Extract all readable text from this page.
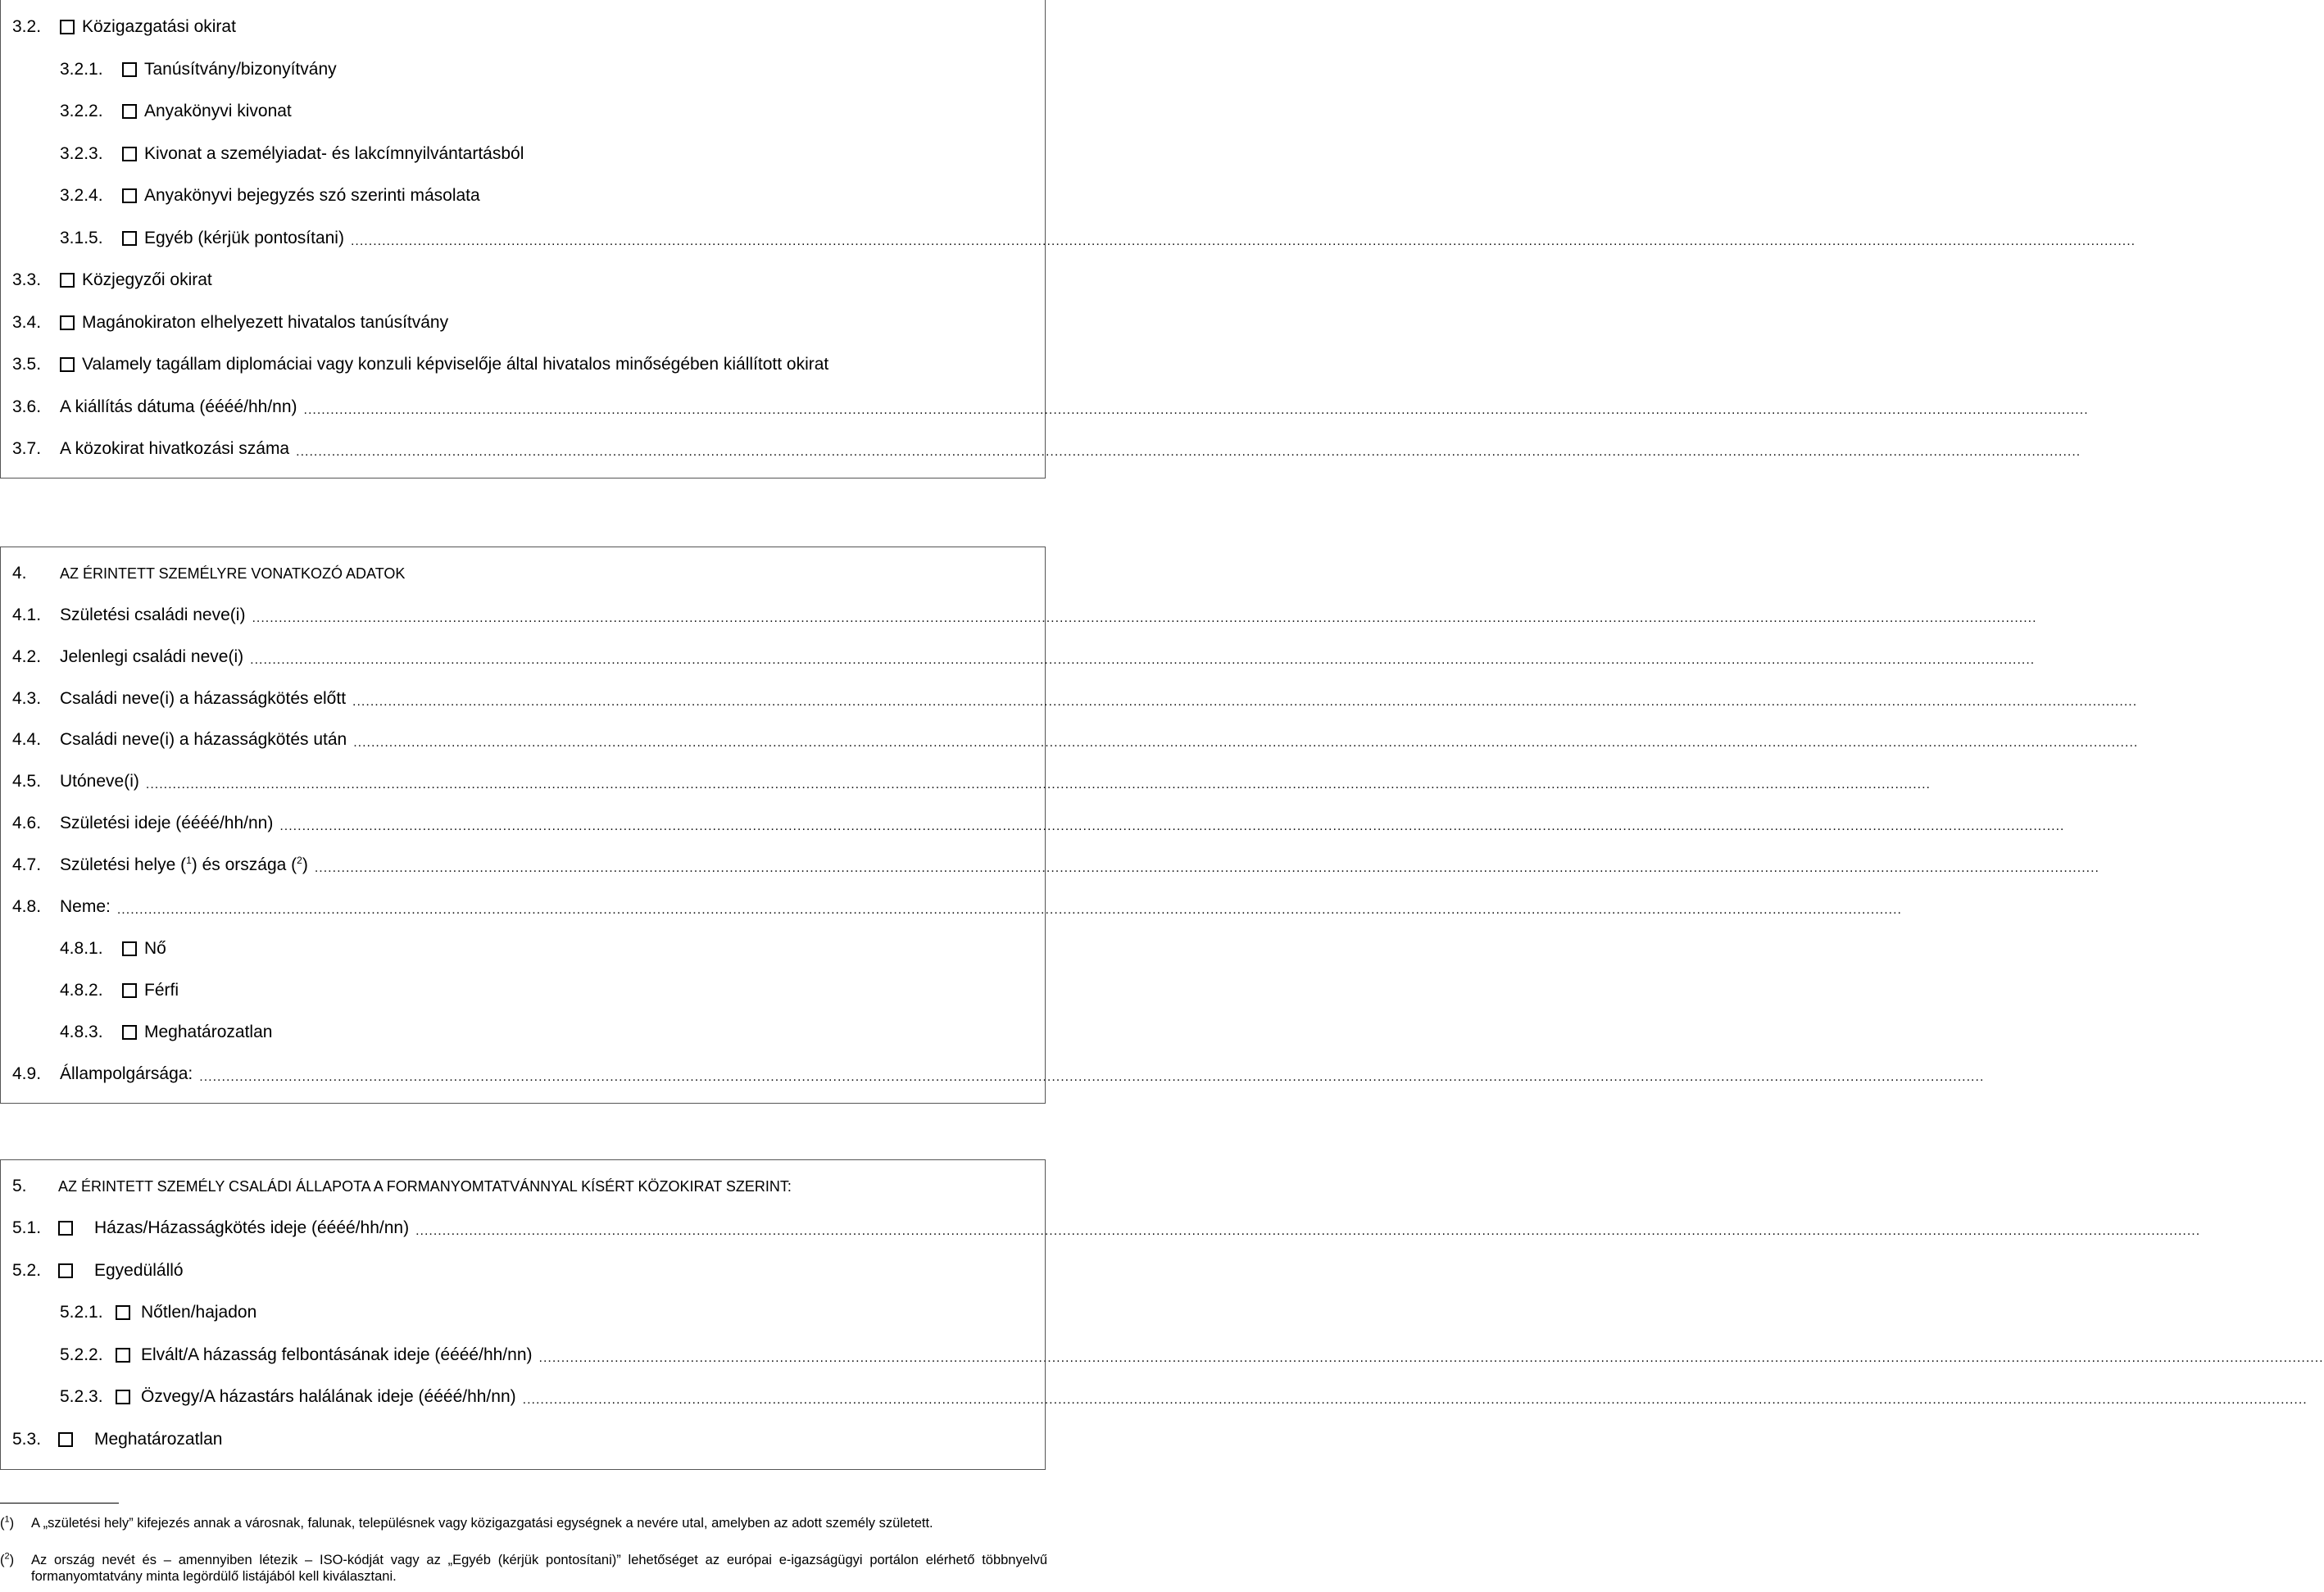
3.2.	Közigazgatási okirat
3.2.1.	Tanúsítvány/bizonyítvány
3.2.2.	Anyakönyvi kivonat
3.2.3.	Kivonat a személyiadat- és lakcímnyilvántartásból
3.2.4.	Anyakönyvi bejegyzés szó szerinti másolata
3.1.5.	Egyéb (kérjük pontosítani) ................................................................................................................................................................................................................................................................................................................................................................................................................
3.3.	Közjegyzői okirat
3.4.	Magánokiraton elhelyezett hivatalos tanúsítvány
3.5.	Valamely tagállam diplomáciai vagy konzuli képviselője által hivatalos minőségében kiállított okirat
3.6.	A kiállítás dátuma (éééé/hh/nn) ................................................................................................................................................................................................................................................................................................................................................................................................................
3.7.	A közokirat hivatkozási száma ................................................................................................................................................................................................................................................................................................................................................................................................................
4.	AZ ÉRINTETT SZEMÉLYRE VONATKOZÓ ADATOK
4.1.	Születési családi neve(i) ................................................................................................................................................................................................................................................................................................................................................................................................................
4.2.	Jelenlegi családi neve(i) ................................................................................................................................................................................................................................................................................................................................................................................................................
4.3.	Családi neve(i) a házasságkötés előtt ................................................................................................................................................................................................................................................................................................................................................................................................................
4.4.	Családi neve(i) a házasságkötés után ................................................................................................................................................................................................................................................................................................................................................................................................................
4.5.	Utóneve(i) ................................................................................................................................................................................................................................................................................................................................................................................................................
4.6.	Születési ideje (éééé/hh/nn) ................................................................................................................................................................................................................................................................................................................................................................................................................
4.7.	Születési helye ($^1$) és országa ($^2$) ................................................................................................................................................................................................................................................................................................................................................................................................................
4.8.	Neme: ................................................................................................................................................................................................................................................................................................................................................................................................................
4.8.1.	Nő
4.8.2.	Férfi
4.8.3.	Meghatározatlan
4.9.	Állampolgársága: ................................................................................................................................................................................................................................................................................................................................................................................................................
5.	AZ ÉRINTETT SZEMÉLY CSALÁDI ÁLLAPOTA A FORMANYOMTATVÁNNYAL KÍSÉRT KÖZOKIRAT SZERINT:
5.1.	Házas/Házasságkötés ideje (éééé/hh/nn) ................................................................................................................................................................................................................................................................................................................................................................................................................
5.2.	Egyedülálló
5.2.1.	Nőtlen/hajadon
5.2.2.	Elvált/A házasság felbontásának ideje (éééé/hh/nn) ................................................................................................................................................................................................................................................................................................................................................................................................................
5.2.3.	Özvegy/A házastárs halálának ideje (éééé/hh/nn) ................................................................................................................................................................................................................................................................................................................................................................................................................
5.3.	Meghatározatlan
($^1$) A „születési hely” kifejezés annak a városnak, falunak, településnek vagy közigazgatási egységnek a nevére utal, amelyben az adott személy született.
($^2$) Az ország nevét és – amennyiben létezik – ISO-kódját vagy az „Egyéb (kérjük pontosítani)” lehetőséget az európai e-igazságügyi portálon elérhető többnyelvű formanyomtatvány minta legördülő listájából kell kiválasztani.
